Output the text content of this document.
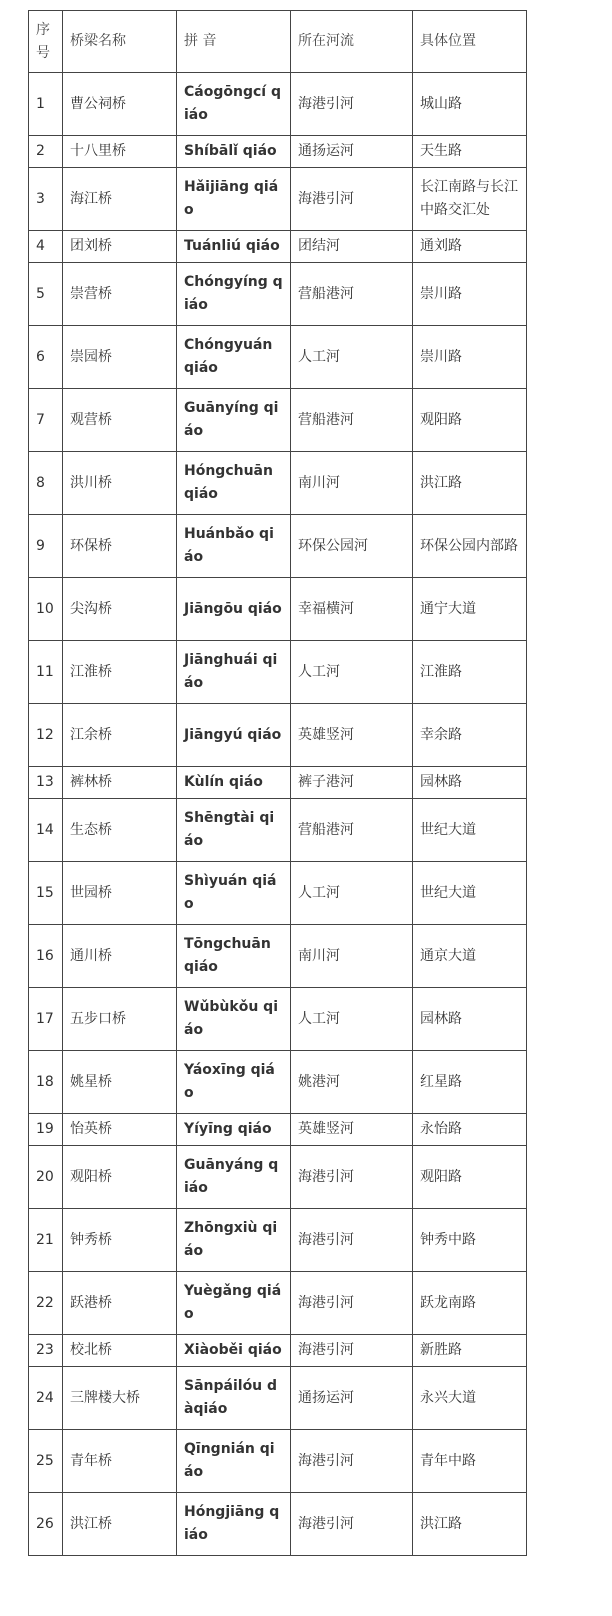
序号	桥梁名称	拼 音	所在河流	具体位置
1	曹公祠桥	Cáogōngcí qiáo	海港引河	城山路
2	十八里桥	Shíbālǐ qiáo	通扬运河	天生路
3	海江桥	Hǎijiāng qiáo	海港引河	长江南路与长江中路交汇处
4	团刘桥	Tuánliú qiáo	团结河	通刘路
5	崇营桥	Chóngyíng qiáo	营船港河	崇川路
6	崇园桥	Chóngyuán qiáo	人工河	崇川路
7	观营桥	Guānyíng qiáo	营船港河	观阳路
8	洪川桥	Hóngchuān qiáo	南川河	洪江路
9	环保桥	Huánbǎo qiáo	环保公园河	环保公园内部路
10	尖沟桥	Jiāngōu qiáo	幸福横河	通宁大道
11	江淮桥	Jiānghuái qiáo	人工河	江淮路
12	江余桥	Jiāngyú qiáo	英雄竖河	幸余路
13	裤林桥	Kùlín qiáo	裤子港河	园林路
14	生态桥	Shēngtài qiáo	营船港河	世纪大道
15	世园桥	Shìyuán qiáo	人工河	世纪大道
16	通川桥	Tōngchuān qiáo	南川河	通京大道
17	五步口桥	Wǔbùkǒu qiáo	人工河	园林路
18	姚星桥	Yáoxīng qiáo	姚港河	红星路
19	怡英桥	Yíyīng qiáo	英雄竖河	永怡路
20	观阳桥	Guānyáng qiáo	海港引河	观阳路
21	钟秀桥	Zhōngxiù qiáo	海港引河	钟秀中路
22	跃港桥	Yuègǎng qiáo	海港引河	跃龙南路
23	校北桥	Xiàoběi qiáo	海港引河	新胜路
24	三牌楼大桥	Sānpáilóu dàqiáo	通扬运河	永兴大道
25	青年桥	Qīngnián qiáo	海港引河	青年中路
26	洪江桥	Hóngjiāng qiáo	海港引河	洪江路
